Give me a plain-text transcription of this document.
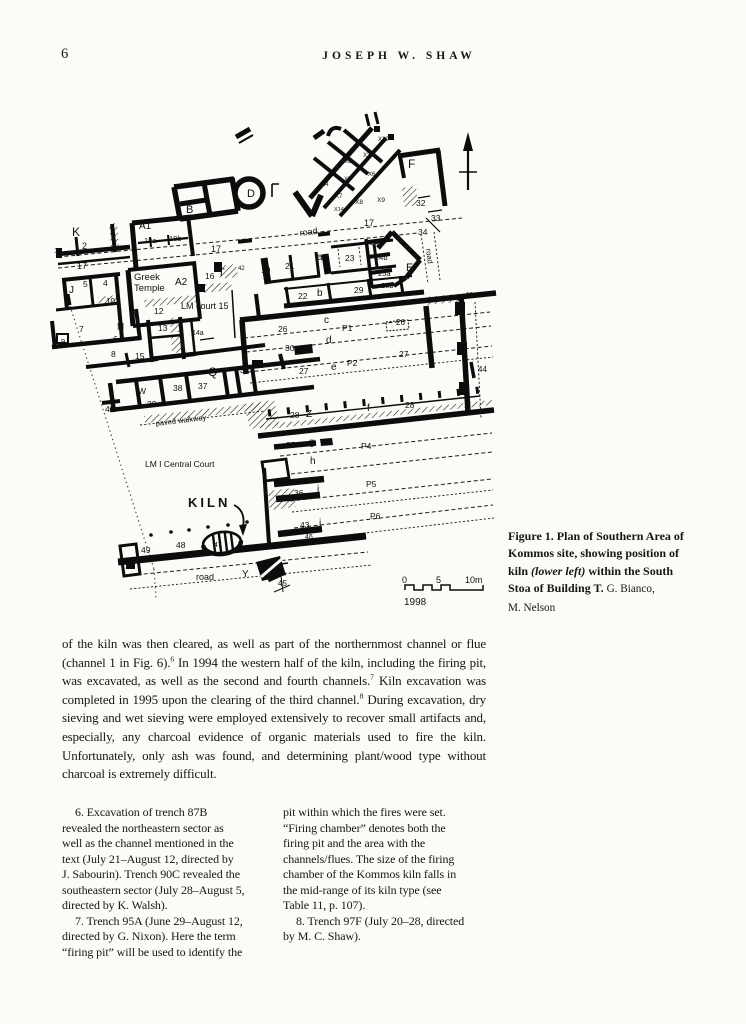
6	JOSEPH W. SHAW
K
1	2
3
17
A1
18a 18b
road
17
17
B
D
F
X10
X3
X2
X6
X5
X4
X7
X8 X9
X14
32
33
34
road
24a
24b
E
25a
25b
41
Greek
Temple
A2
16 T 42 19 21
a	23
J
5 4
10
N
7
6
9
12
13
LM court 15
14a
22 b	29
8 15
26
30
31
c
P1
d
26
27
27 e P2
Q
W	38 37
39
40
28 Z
f	28
44
paved walkway
LM I Central Court
35 g	P4
h
36 i	P5
43 j
P6
46
KILN
49	48	47
road	Y
45	0	5	10m
1998
Figure 1. Plan of Southern Area of
Kommos site, showing position of
kiln (lower left) within the South
Stoa of Building T. G. Bianco,
M. Nelson
of the kiln was then cleared, as well as part of the northernmost channel or flue (channel 1 in Fig. 6).$^6$ In 1994 the western half of the kiln, including the firing pit, was excavated, as well as the second and fourth channels.$^7$ Kiln excavation was completed in 1995 upon the clearing of the third channel.$^8$ During excavation, dry sieving and wet sieving were employed extensively to recover small artifacts and, especially, any charcoal evidence of organic materials used to fire the kiln. Unfortunately, only ash was found, and determining plant/wood type without charcoal is extremely difficult.
6. Excavation of trench 87B
revealed the northeastern sector as
well as the channel mentioned in the
text (July 21–August 12, directed by
J. Sabourin). Trench 90C revealed the
southeastern sector (July 28–August 5,
directed by K. Walsh).
7. Trench 95A (June 29–August 12,
directed by G. Nixon). Here the term
“firing pit” will be used to identify the
pit within which the fires were set.
“Firing chamber” denotes both the
firing pit and the area with the
channels/flues. The size of the firing
chamber of the Kommos kiln falls in
the mid-range of its kiln type (see
Table 11, p. 107).
8. Trench 97F (July 20–28, directed
by M. C. Shaw).
